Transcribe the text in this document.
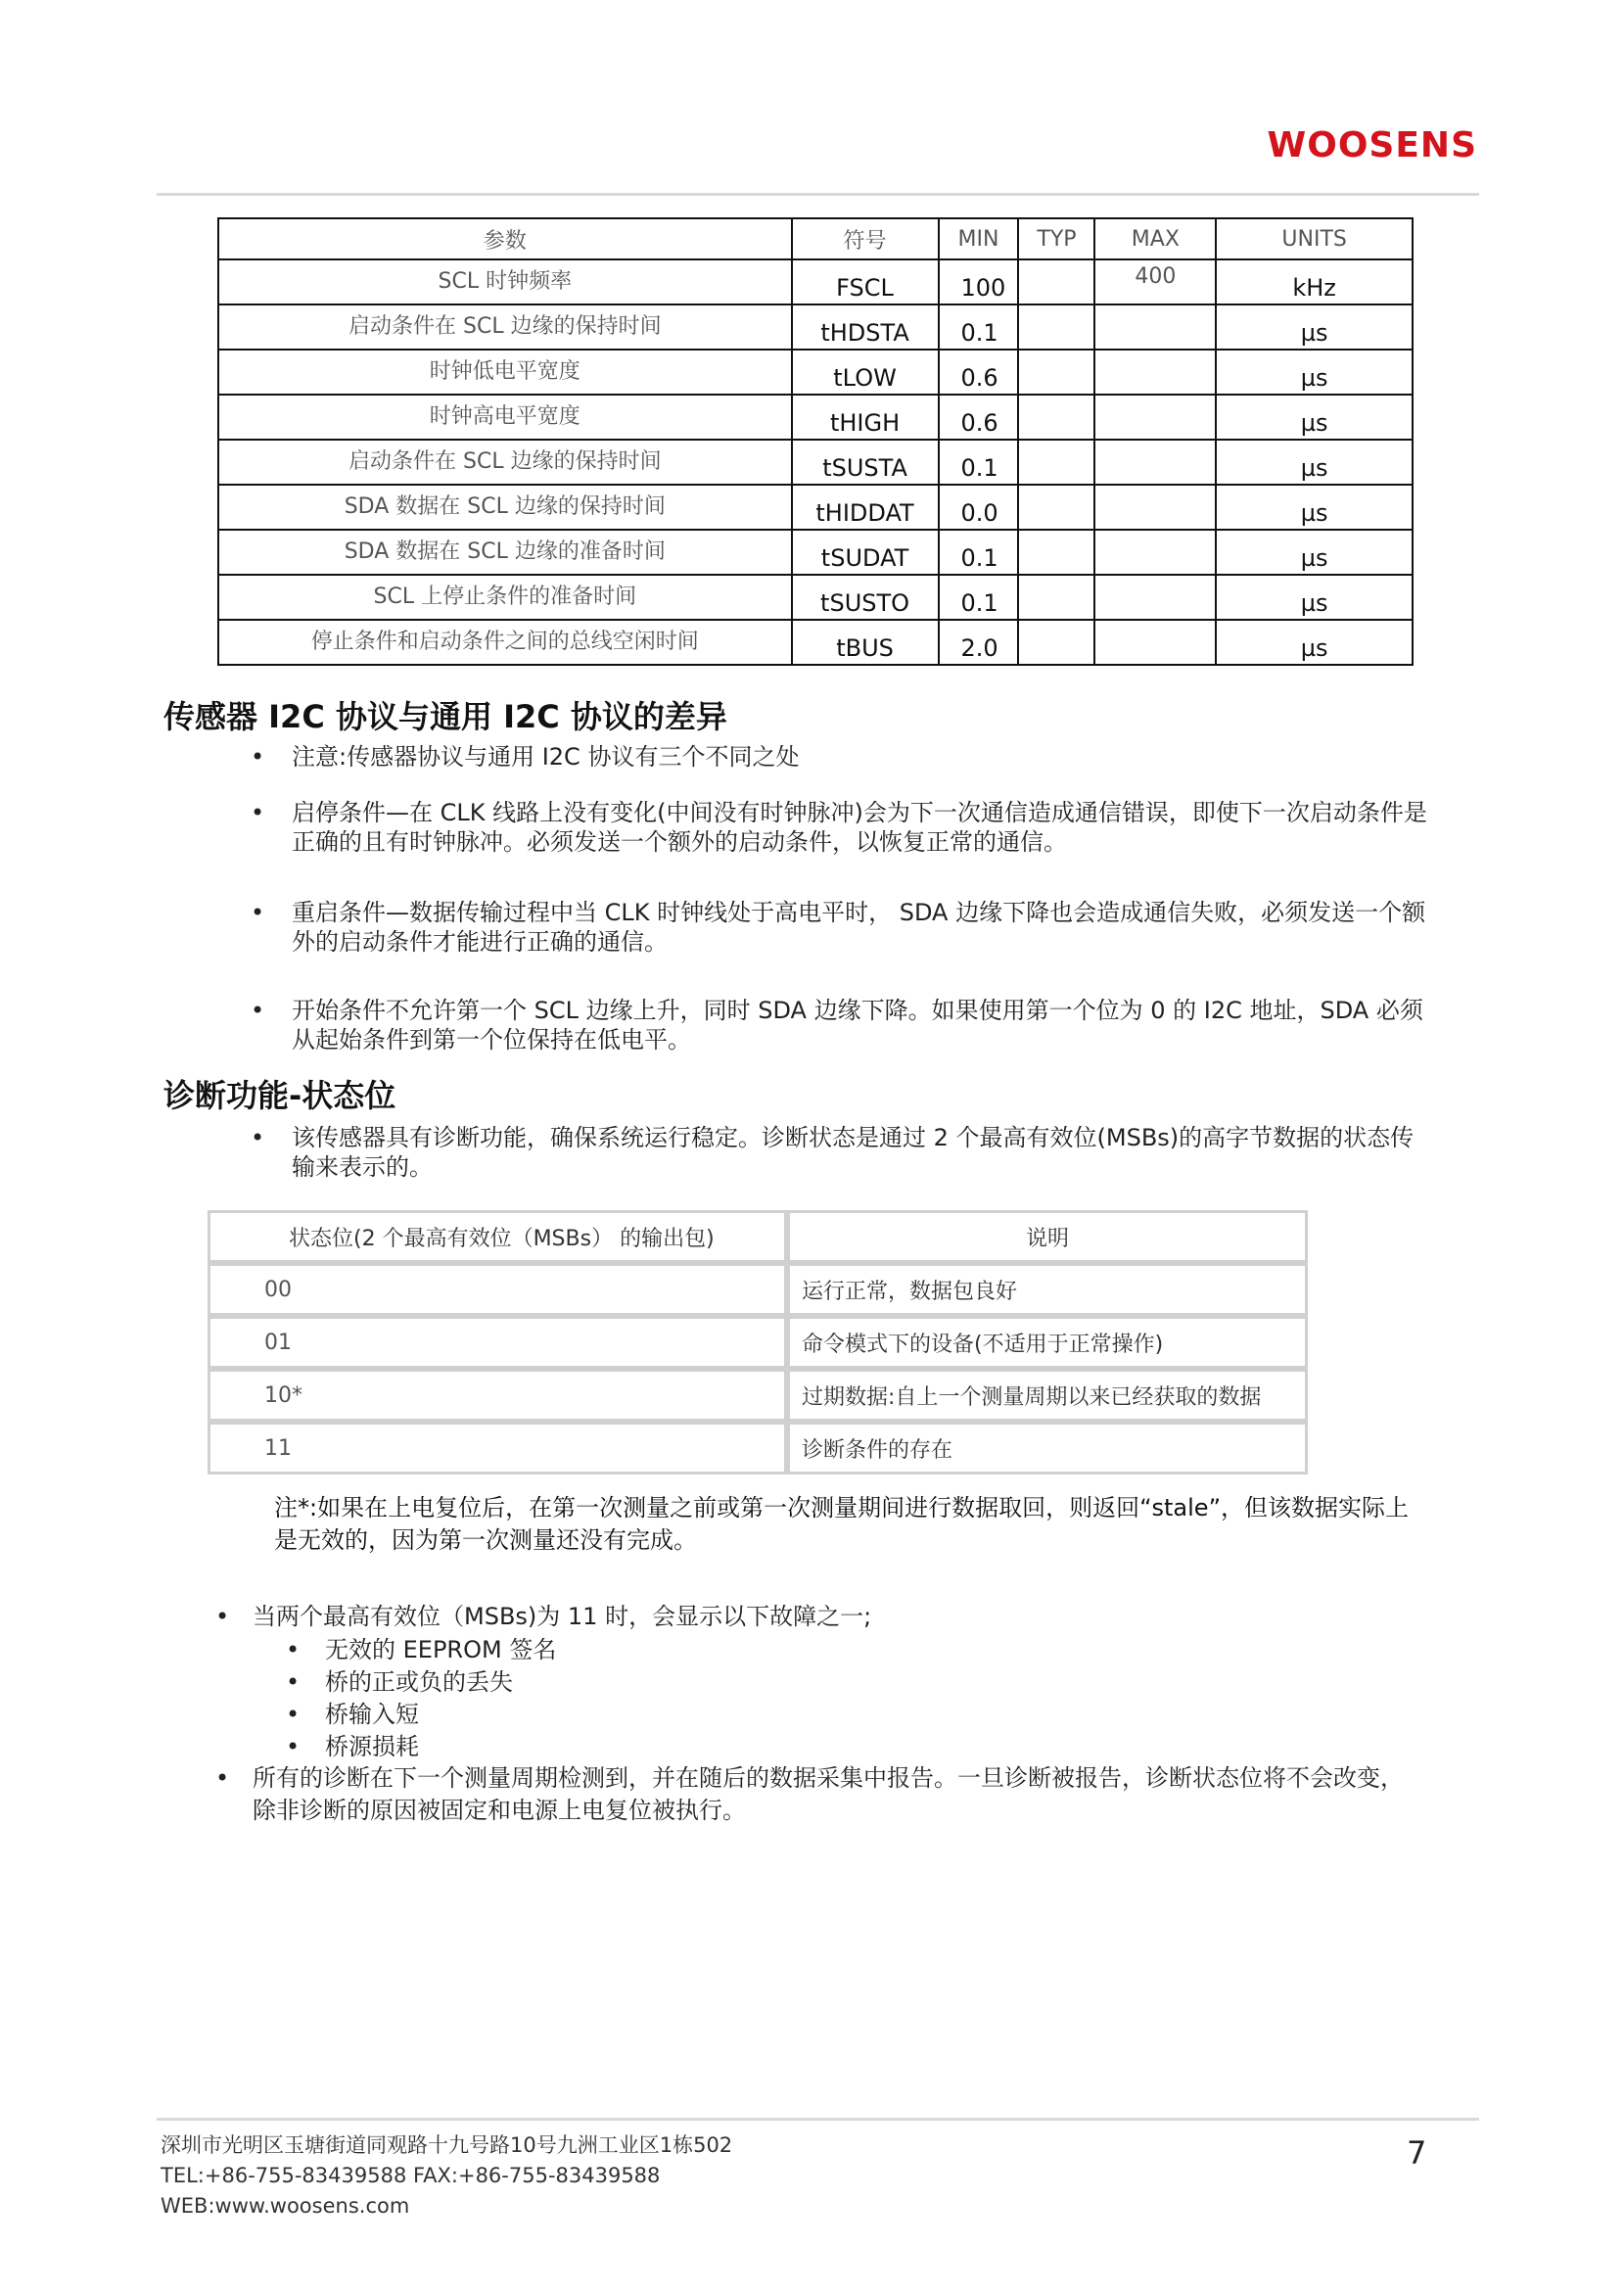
WOOSENS
参数	符号	MIN	TYP	MAX	UNITS
SCL 时钟频率	FSCL	100		400	kHz
启动条件在 SCL 边缘的保持时间	tHDSTA	0.1			µs
时钟低电平宽度	tLOW	0.6			µs
时钟高电平宽度	tHIGH	0.6			µs
启动条件在 SCL 边缘的保持时间	tSUSTA	0.1			µs
SDA 数据在 SCL 边缘的保持时间	tHIDDAT	0.0			µs
SDA 数据在 SCL 边缘的准备时间	tSUDAT	0.1			µs
SCL 上停止条件的准备时间	tSUSTO	0.1			µs
停止条件和启动条件之间的总线空闲时间	tBUS	2.0			µs
传感器 I2C 协议与通用 I2C 协议的差异
• 注意:传感器协议与通用 I2C 协议有三个不同之处
• 启停条件—在 CLK 线路上没有变化(中间没有时钟脉冲)会为下一次通信造成通信错误，即使下一次启动条件是正确的且有时钟脉冲。必须发送一个额外的启动条件，以恢复正常的通信。
• 重启条件—数据传输过程中当 CLK 时钟线处于高电平时， SDA 边缘下降也会造成通信失败，必须发送一个额外的启动条件才能进行正确的通信。
• 开始条件不允许第一个 SCL 边缘上升，同时 SDA 边缘下降。如果使用第一个位为 0 的 I2C 地址，SDA 必须从起始条件到第一个位保持在低电平。
诊断功能-状态位
• 该传感器具有诊断功能，确保系统运行稳定。诊断状态是通过 2 个最高有效位(MSBs)的高字节数据的状态传输来表示的。
状态位(2 个最高有效位（MSBs） 的输出包)	说明
00	运行正常，数据包良好
01	命令模式下的设备(不适用于正常操作)
10*	过期数据:自上一个测量周期以来已经获取的数据
11	诊断条件的存在
注*:如果在上电复位后，在第一次测量之前或第一次测量期间进行数据取回，则返回“stale”，但该数据实际上是无效的，因为第一次测量还没有完成。
• 当两个最高有效位（MSBs)为 11 时，会显示以下故障之一;
• 无效的 EEPROM 签名
• 桥的正或负的丢失
• 桥输入短
• 桥源损耗
• 所有的诊断在下一个测量周期检测到，并在随后的数据采集中报告。一旦诊断被报告，诊断状态位将不会改变， 除非诊断的原因被固定和电源上电复位被执行。
深圳市光明区玉塘街道同观路十九号路10号九洲工业区1栋502
TEL:+86-755-83439588 FAX:+86-755-83439588
WEB:www.woosens.com
7
